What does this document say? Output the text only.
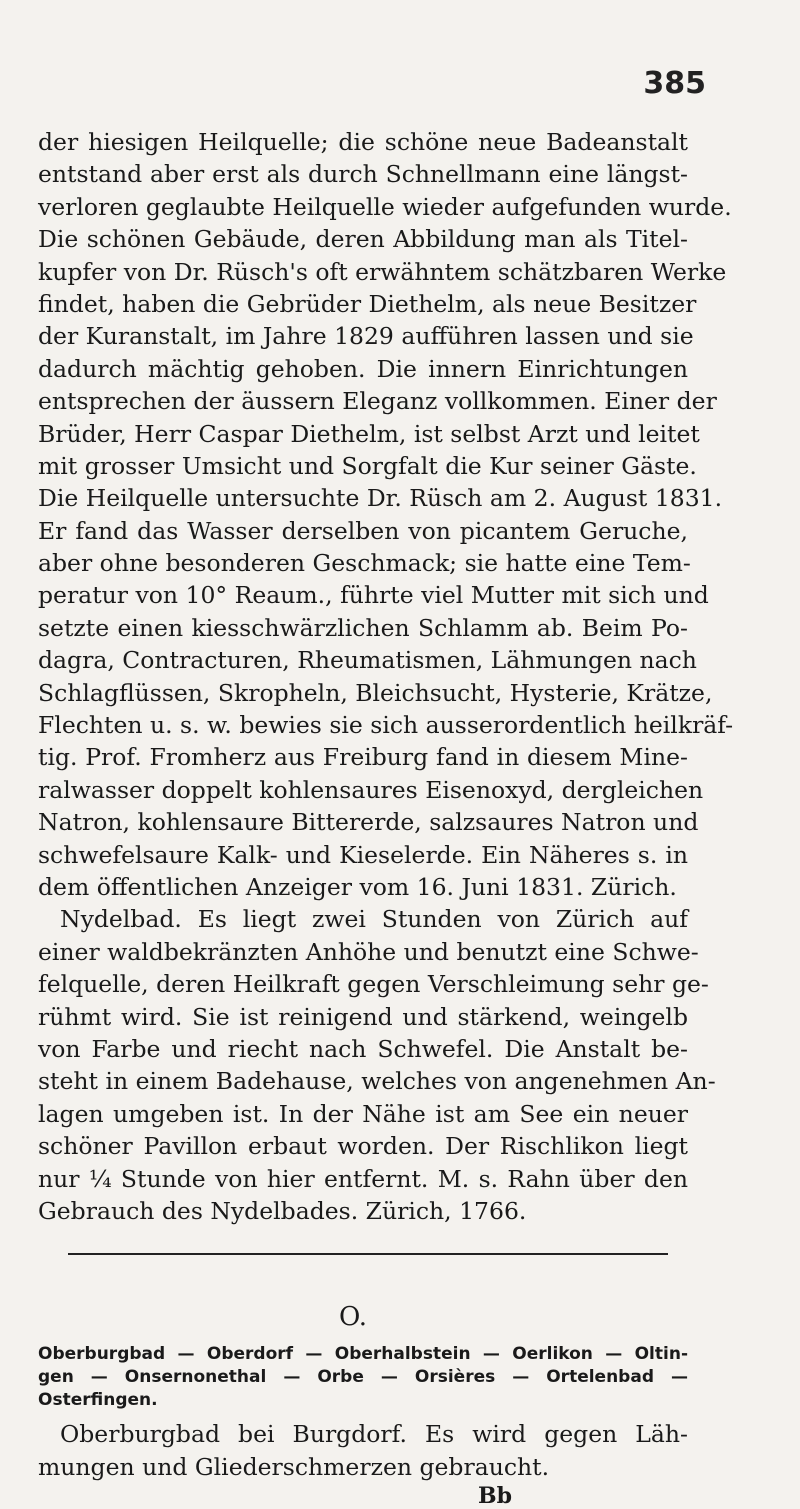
385
der hiesigen Heilquelle; die schöne neue Badeanstalt
entstand aber erst als durch Schnellmann eine längst-
verloren geglaubte Heilquelle wieder aufgefunden wurde.
Die schönen Gebäude, deren Abbildung man als Titel-
kupfer von Dr. Rüsch's oft erwähntem schätzbaren Werke
findet, haben die Gebrüder Diethelm, als neue Besitzer
der Kuranstalt, im Jahre 1829 aufführen lassen und sie
dadurch mächtig gehoben. Die innern Einrichtungen
entsprechen der äussern Eleganz vollkommen. Einer der
Brüder, Herr Caspar Diethelm, ist selbst Arzt und leitet
mit grosser Umsicht und Sorgfalt die Kur seiner Gäste.
Die Heilquelle untersuchte Dr. Rüsch am 2. August 1831.
Er fand das Wasser derselben von picantem Geruche,
aber ohne besonderen Geschmack; sie hatte eine Tem-
peratur von 10° Reaum., führte viel Mutter mit sich und
setzte einen kiesschwärzlichen Schlamm ab. Beim Po-
dagra, Contracturen, Rheumatismen, Lähmungen nach
Schlagflüssen, Skropheln, Bleichsucht, Hysterie, Krätze,
Flechten u. s. w. bewies sie sich ausserordentlich heilkräf-
tig. Prof. Fromherz aus Freiburg fand in diesem Mine-
ralwasser doppelt kohlensaures Eisenoxyd, dergleichen
Natron, kohlensaure Bittererde, salzsaures Natron und
schwefelsaure Kalk- und Kieselerde. Ein Näheres s. in
dem öffentlichen Anzeiger vom 16. Juni 1831. Zürich.
Nydelbad. Es liegt zwei Stunden von Zürich auf
einer waldbekränzten Anhöhe und benutzt eine Schwe-
felquelle, deren Heilkraft gegen Verschleimung sehr ge-
rühmt wird. Sie ist reinigend und stärkend, weingelb
von Farbe und riecht nach Schwefel. Die Anstalt be-
steht in einem Badehause, welches von angenehmen An-
lagen umgeben ist. In der Nähe ist am See ein neuer
schöner Pavillon erbaut worden. Der Rischlikon liegt
nur ¼ Stunde von hier entfernt. M. s. Rahn über den
Gebrauch des Nydelbades. Zürich, 1766.
O.
Oberburgbad — Oberdorf — Oberhalbstein — Oerlikon — Oltin-
gen — Onsernonethal — Orbe — Orsières — Ortelenbad —
Osterfingen.
Oberburgbad bei Burgdorf. Es wird gegen Läh-
mungen und Gliederschmerzen gebraucht.
Bb
